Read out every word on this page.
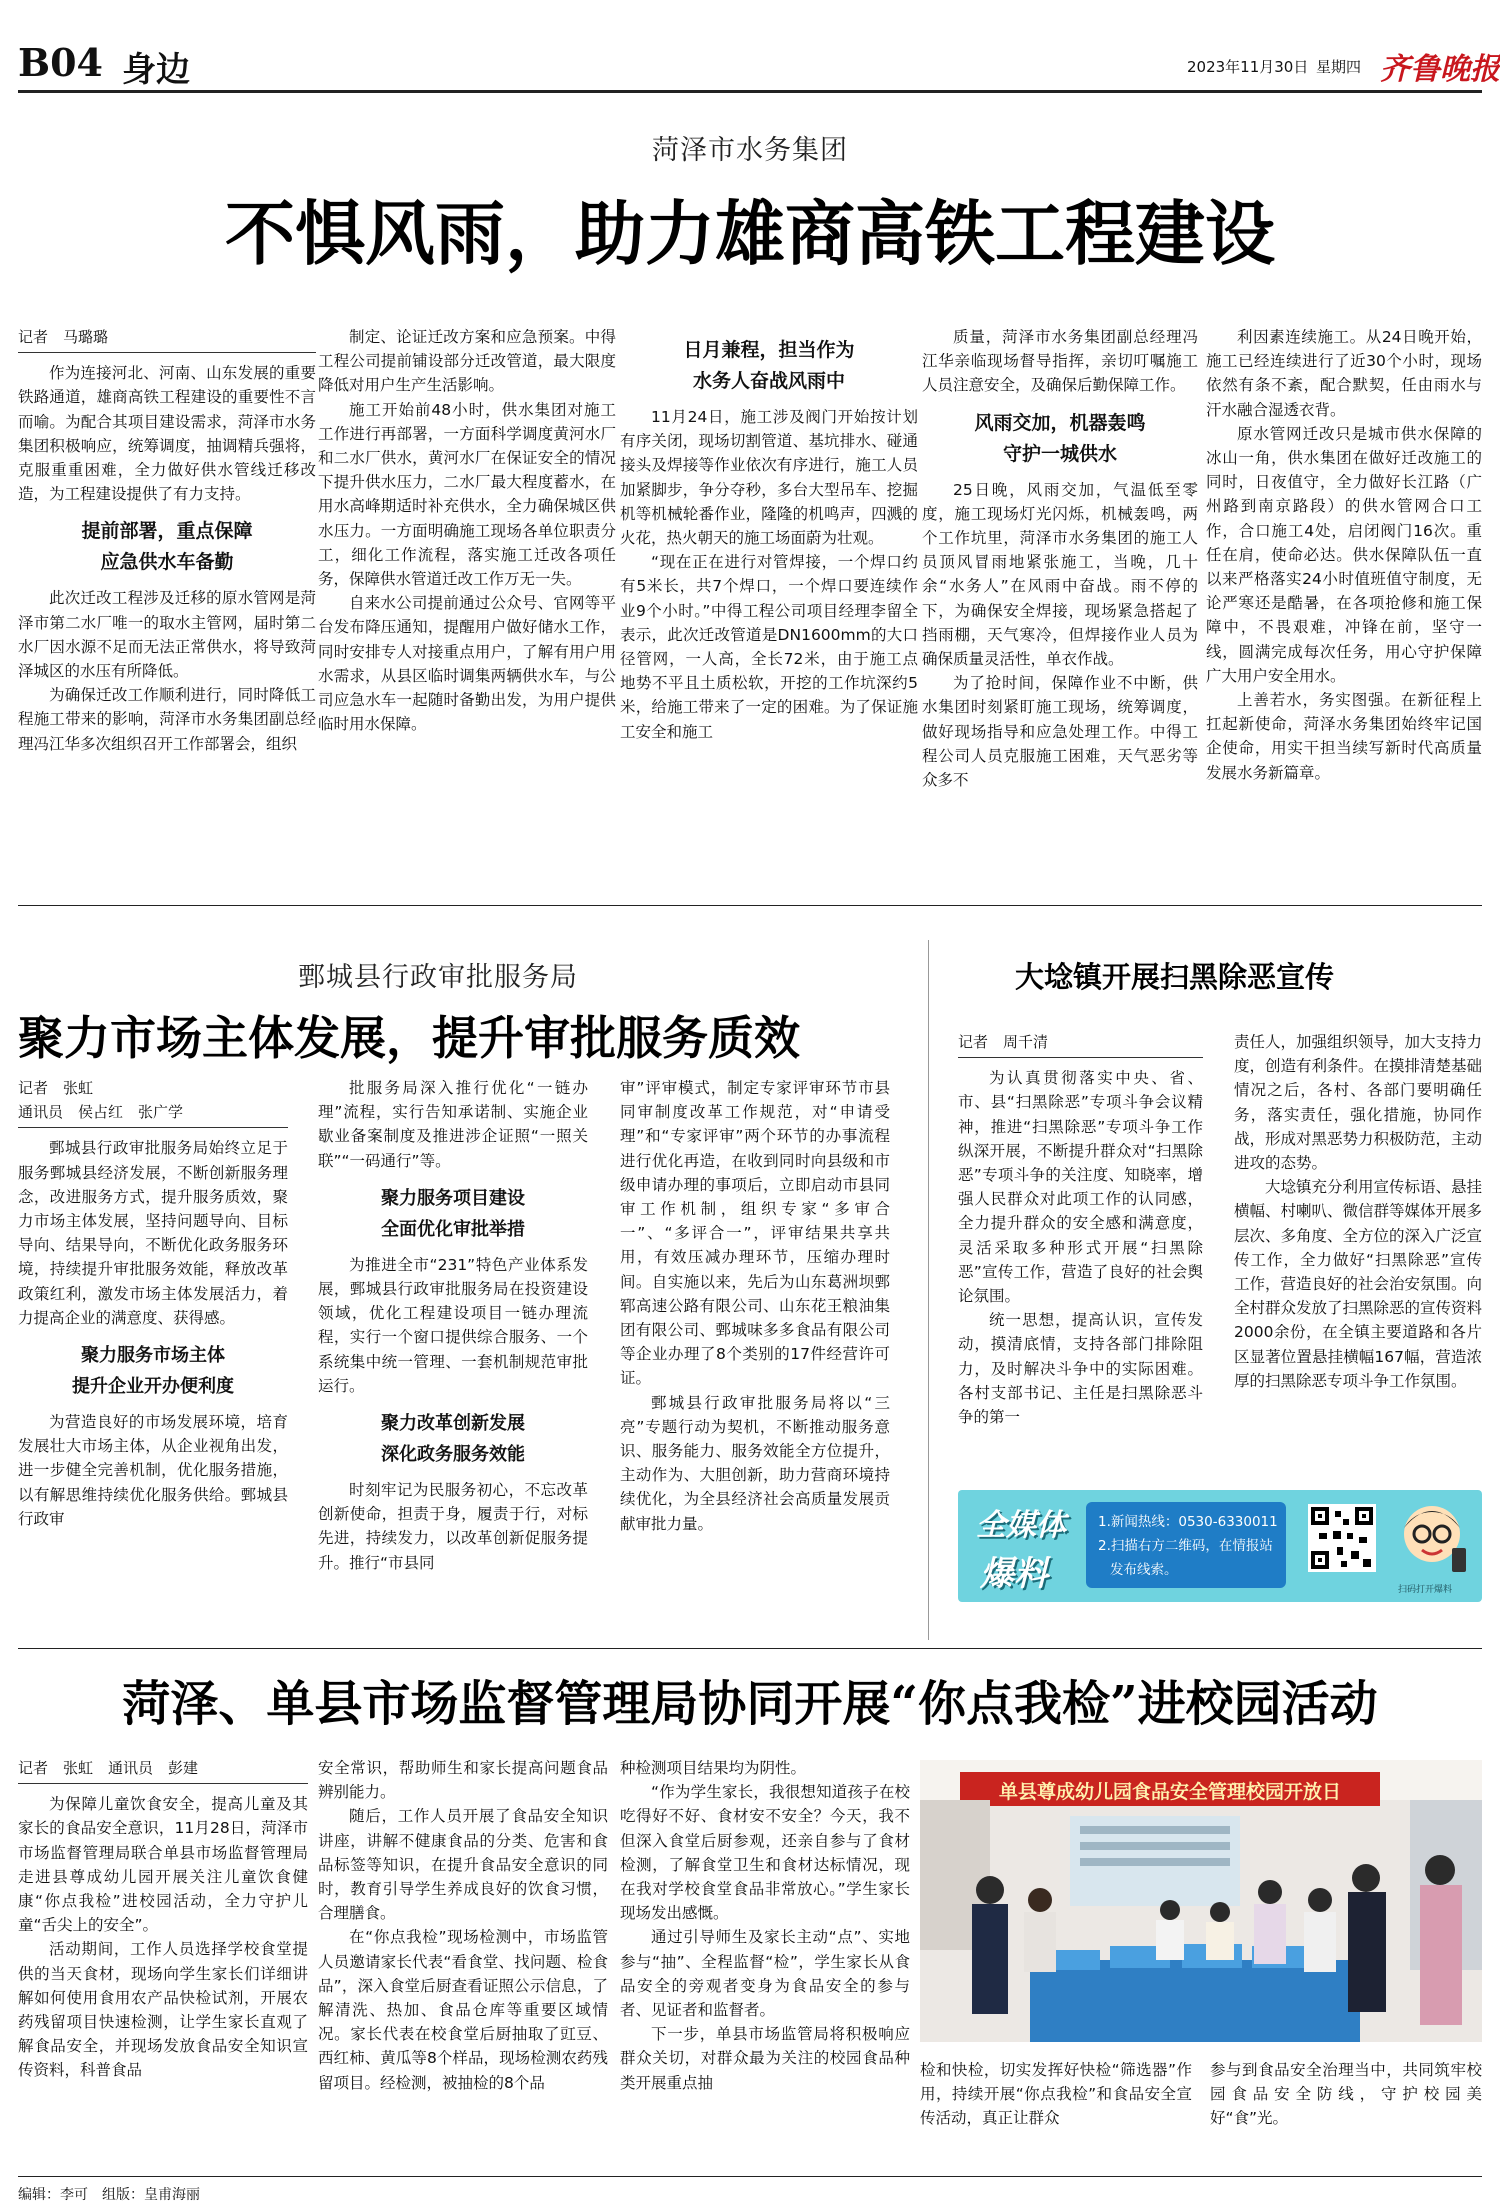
B04 身边	2023年11月30日 星期四 齐鲁晚报
菏泽市水务集团
不惧风雨，助力雄商高铁工程建设

记者　马璐璐

作为连接河北、河南、山东发展的重要铁路通道，雄商高铁工程建设的重要性不言而喻。为配合其项目建设需求，菏泽市水务集团积极响应，统筹调度，抽调精兵强将，克服重重困难，全力做好供水管线迁移改造，为工程建设提供了有力支持。

提前部署，重点保障
应急供水车备勤

此次迁改工程涉及迁移的原水管网是菏泽市第二水厂唯一的取水主管网，届时第二水厂因水源不足而无法正常供水，将导致菏泽城区的水压有所降低。

为确保迁改工作顺利进行，同时降低工程施工带来的影响，菏泽市水务集团副总经理冯江华多次组织召开工作部署会，组织

制定、论证迁改方案和应急预案。中得工程公司提前铺设部分迁改管道，最大限度降低对用户生产生活影响。

施工开始前48小时，供水集团对施工工作进行再部署，一方面科学调度黄河水厂和二水厂供水，黄河水厂在保证安全的情况下提升供水压力，二水厂最大程度蓄水，在用水高峰期适时补充供水，全力确保城区供水压力。一方面明确施工现场各单位职责分工，细化工作流程，落实施工迁改各项任务，保障供水管道迁改工作万无一失。

自来水公司提前通过公众号、官网等平台发布降压通知，提醒用户做好储水工作，同时安排专人对接重点用户，了解有用户用水需求，从县区临时调集两辆供水车，与公司应急水车一起随时备勤出发，为用户提供临时用水保障。

日月兼程，担当作为
水务人奋战风雨中

11月24日，施工涉及阀门开始按计划有序关闭，现场切割管道、基坑排水、碰通接头及焊接等作业依次有序进行，施工人员加紧脚步，争分夺秒，多台大型吊车、挖掘机等机械轮番作业，隆隆的机鸣声，四溅的火花，热火朝天的施工场面蔚为壮观。

“现在正在进行对管焊接，一个焊口约有5米长，共7个焊口，一个焊口要连续作业9个小时。”中得工程公司项目经理李留全表示，此次迁改管道是DN1600mm的大口径管网，一人高，全长72米，由于施工点地势不平且土质松软，开挖的工作坑深约5米，给施工带来了一定的困难。为了保证施工安全和施工

质量，菏泽市水务集团副总经理冯江华亲临现场督导指挥，亲切叮嘱施工人员注意安全，及确保后勤保障工作。

风雨交加，机器轰鸣
守护一城供水

25日晚，风雨交加，气温低至零度，施工现场灯光闪烁，机械轰鸣，两个工作坑里，菏泽市水务集团的施工人员顶风冒雨地紧张施工，当晚，几十余“水务人”在风雨中奋战。雨不停的下，为确保安全焊接，现场紧急搭起了挡雨棚，天气寒冷，但焊接作业人员为确保质量灵活性，单衣作战。

为了抢时间，保障作业不中断，供水集团时刻紧盯施工现场，统筹调度，做好现场指导和应急处理工作。中得工程公司人员克服施工困难，天气恶劣等众多不

利因素连续施工。从24日晚开始，施工已经连续进行了近30个小时，现场依然有条不紊，配合默契，任由雨水与汗水融合湿透衣背。

原水管网迁改只是城市供水保障的冰山一角，供水集团在做好迁改施工的同时，日夜值守，全力做好长江路（广州路到南京路段）的供水管网合口工作，合口施工4处，启闭阀门16次。重任在肩，使命必达。供水保障队伍一直以来严格落实24小时值班值守制度，无论严寒还是酷暑，在各项抢修和施工保障中，不畏艰难，冲锋在前，坚守一线，圆满完成每次任务，用心守护保障广大用户安全用水。

上善若水，务实图强。在新征程上扛起新使命，菏泽水务集团始终牢记国企使命，用实干担当续写新时代高质量发展水务新篇章。

鄄城县行政审批服务局
聚力市场主体发展，提升审批服务质效

记者　张虹

通讯员　侯占红　张广学

鄄城县行政审批服务局始终立足于服务鄄城县经济发展，不断创新服务理念，改进服务方式，提升服务质效，聚力市场主体发展，坚持问题导向、目标导向、结果导向，不断优化政务服务环境，持续提升审批服务效能，释放改革政策红利，激发市场主体发展活力，着力提高企业的满意度、获得感。

聚力服务市场主体
提升企业开办便利度

为营造良好的市场发展环境，培育发展壮大市场主体，从企业视角出发，进一步健全完善机制，优化服务措施，以有解思维持续优化服务供给。鄄城县行政审

批服务局深入推行优化“一链办理”流程，实行告知承诺制、实施企业歇业备案制度及推进涉企证照“一照关联”“一码通行”等。

聚力服务项目建设
全面优化审批举措

为推进全市“231”特色产业体系发展，鄄城县行政审批服务局在投资建设领域，优化工程建设项目一链办理流程，实行一个窗口提供综合服务、一个系统集中统一管理、一套机制规范审批运行。

聚力改革创新发展
深化政务服务效能

时刻牢记为民服务初心，不忘改革创新使命，担责于身，履责于行，对标先进，持续发力，以改革创新促服务提升。推行“市县同

审”评审模式，制定专家评审环节市县同审制度改革工作规范，对“申请受理”和“专家评审”两个环节的办事流程进行优化再造，在收到同时向县级和市级申请办理的事项后，立即启动市县同审工作机制，组织专家“多审合一”、“多评合一”，评审结果共享共用，有效压减办理环节，压缩办理时间。自实施以来，先后为山东葛洲坝鄄郓高速公路有限公司、山东花王粮油集团有限公司、鄄城味多多食品有限公司等企业办理了8个类别的17件经营许可证。

鄄城县行政审批服务局将以“三亮”专题行动为契机，不断推动服务意识、服务能力、服务效能全方位提升，主动作为、大胆创新，助力营商环境持续优化，为全县经济社会高质量发展贡献审批力量。

大埝镇开展扫黑除恶宣传

记者　周千清

为认真贯彻落实中央、省、市、县“扫黑除恶”专项斗争会议精神，推进“扫黑除恶”专项斗争工作纵深开展，不断提升群众对“扫黑除恶”专项斗争的关注度、知晓率，增强人民群众对此项工作的认同感，全力提升群众的安全感和满意度，灵活采取多种形式开展“扫黑除恶”宣传工作，营造了良好的社会舆论氛围。

统一思想，提高认识，宣传发动，摸清底情，支持各部门排除阻力，及时解决斗争中的实际困难。各村支部书记、主任是扫黑除恶斗争的第一

责任人，加强组织领导，加大支持力度，创造有利条件。在摸排清楚基础情况之后，各村、各部门要明确任务，落实责任，强化措施，协同作战，形成对黑恶势力积极防范，主动进攻的态势。

大埝镇充分利用宣传标语、悬挂横幅、村喇叭、微信群等媒体开展多层次、多角度、全方位的深入广泛宣传工作，全力做好“扫黑除恶”宣传工作，营造良好的社会治安氛围。向全村群众发放了扫黑除恶的宣传资料2000余份，在全镇主要道路和各片区显著位置悬挂横幅167幅，营造浓厚的扫黑除恶专项斗争工作氛围。

全媒体
爆料
1.新闻热线：0530-6330011
2.扫描右方二维码，在情报站
发布线索。
扫码打开爆料
菏泽、单县市场监督管理局协同开展“你点我检”进校园活动

记者　张虹　通讯员　彭建

为保障儿童饮食安全，提高儿童及其家长的食品安全意识，11月28日，菏泽市市场监督管理局联合单县市场监督管理局走进县尊成幼儿园开展关注儿童饮食健康“你点我检”进校园活动，全力守护儿童“舌尖上的安全”。

活动期间，工作人员选择学校食堂提供的当天食材，现场向学生家长们详细讲解如何使用食用农产品快检试剂，开展农药残留项目快速检测，让学生家长直观了解食品安全，并现场发放食品安全知识宣传资料，科普食品

安全常识，帮助师生和家长提高问题食品辨别能力。

随后，工作人员开展了食品安全知识讲座，讲解不健康食品的分类、危害和食品标签等知识，在提升食品安全意识的同时，教育引导学生养成良好的饮食习惯，合理膳食。

在“你点我检”现场检测中，市场监管人员邀请家长代表“看食堂、找问题、检食品”，深入食堂后厨查看证照公示信息，了解清洗、热加、食品仓库等重要区域情况。家长代表在校食堂后厨抽取了豇豆、西红柿、黄瓜等8个样品，现场检测农药残留项目。经检测，被抽检的8个品

种检测项目结果均为阴性。

“作为学生家长，我很想知道孩子在校吃得好不好、食材安不安全？今天，我不但深入食堂后厨参观，还亲自参与了食材检测，了解食堂卫生和食材达标情况，现在我对学校食堂食品非常放心。”学生家长现场发出感慨。

通过引导师生及家长主动“点”、实地参与“抽”、全程监督“检”，学生家长从食品安全的旁观者变身为食品安全的参与者、见证者和监督者。

下一步，单县市场监管局将积极响应群众关切，对群众最为关注的校园食品种类开展重点抽

单县尊成幼儿园食品安全管理校园开放日

检和快检，切实发挥好快检“筛选器”作用，持续开展“你点我检”和食品安全宣传活动，真正让群众

参与到食品安全治理当中，共同筑牢校园食品安全防线，守护校园美好“食”光。

编辑：李可　组版：皇甫海丽
